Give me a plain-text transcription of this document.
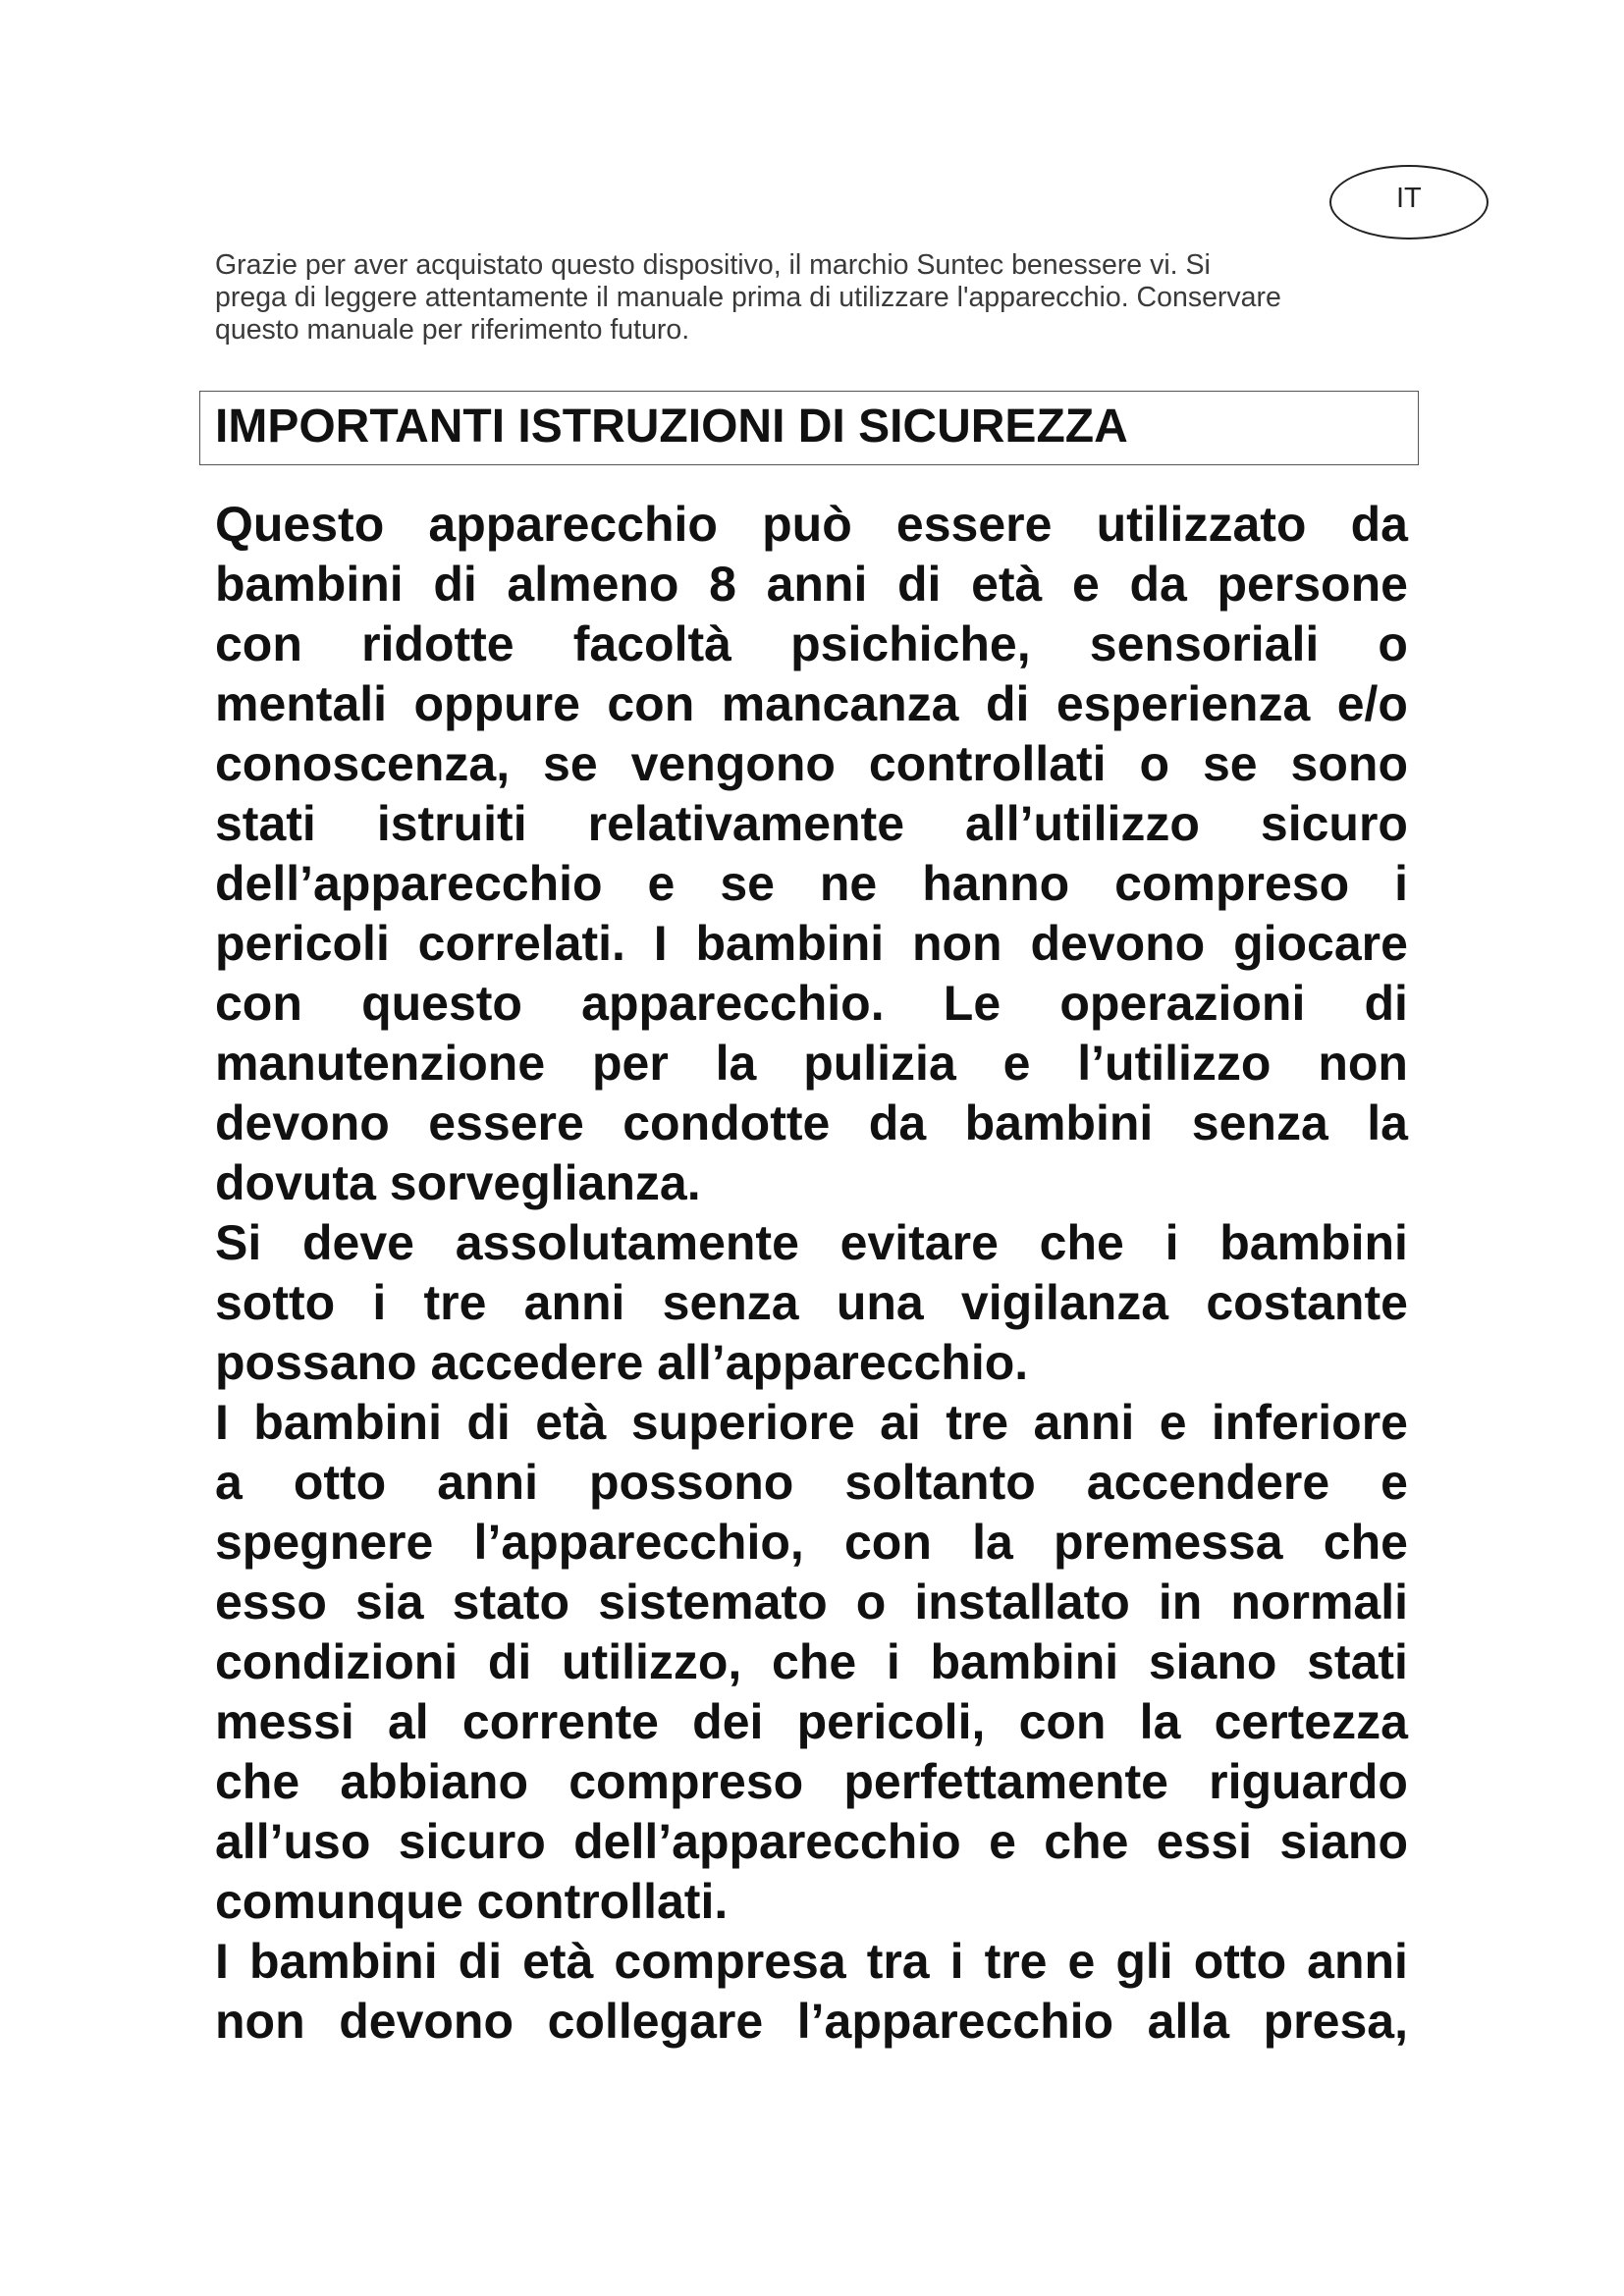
IT
Grazie per aver acquistato questo dispositivo, il marchio Suntec benessere vi. Si
prega di leggere attentamente il manuale prima di utilizzare l'apparecchio. Conservare
questo manuale per riferimento futuro.
IMPORTANTI ISTRUZIONI DI SICUREZZA
Questo apparecchio può essere utilizzato da
bambini di almeno 8 anni di età e da persone
con ridotte facoltà psichiche, sensoriali o
mentali oppure con mancanza di esperienza e/o
conoscenza, se vengono controllati o se sono
stati istruiti relativamente all’utilizzo sicuro
dell’apparecchio e se ne hanno compreso i
pericoli correlati. I bambini non devono giocare
con questo apparecchio. Le operazioni di
manutenzione per la pulizia e l’utilizzo non
devono essere condotte da bambini senza la
dovuta sorveglianza.
Si deve assolutamente evitare che i bambini
sotto i tre anni senza una vigilanza costante
possano accedere all’apparecchio.
I bambini di età superiore ai tre anni e inferiore
a otto anni possono soltanto accendere e
spegnere l’apparecchio, con la premessa che
esso sia stato sistemato o installato in normali
condizioni di utilizzo, che i bambini siano stati
messi al corrente dei pericoli, con la certezza
che abbiano compreso perfettamente riguardo
all’uso sicuro dell’apparecchio e che essi siano
comunque controllati.
I bambini di età compresa tra i tre e gli otto anni
non devono collegare l’apparecchio alla presa,
